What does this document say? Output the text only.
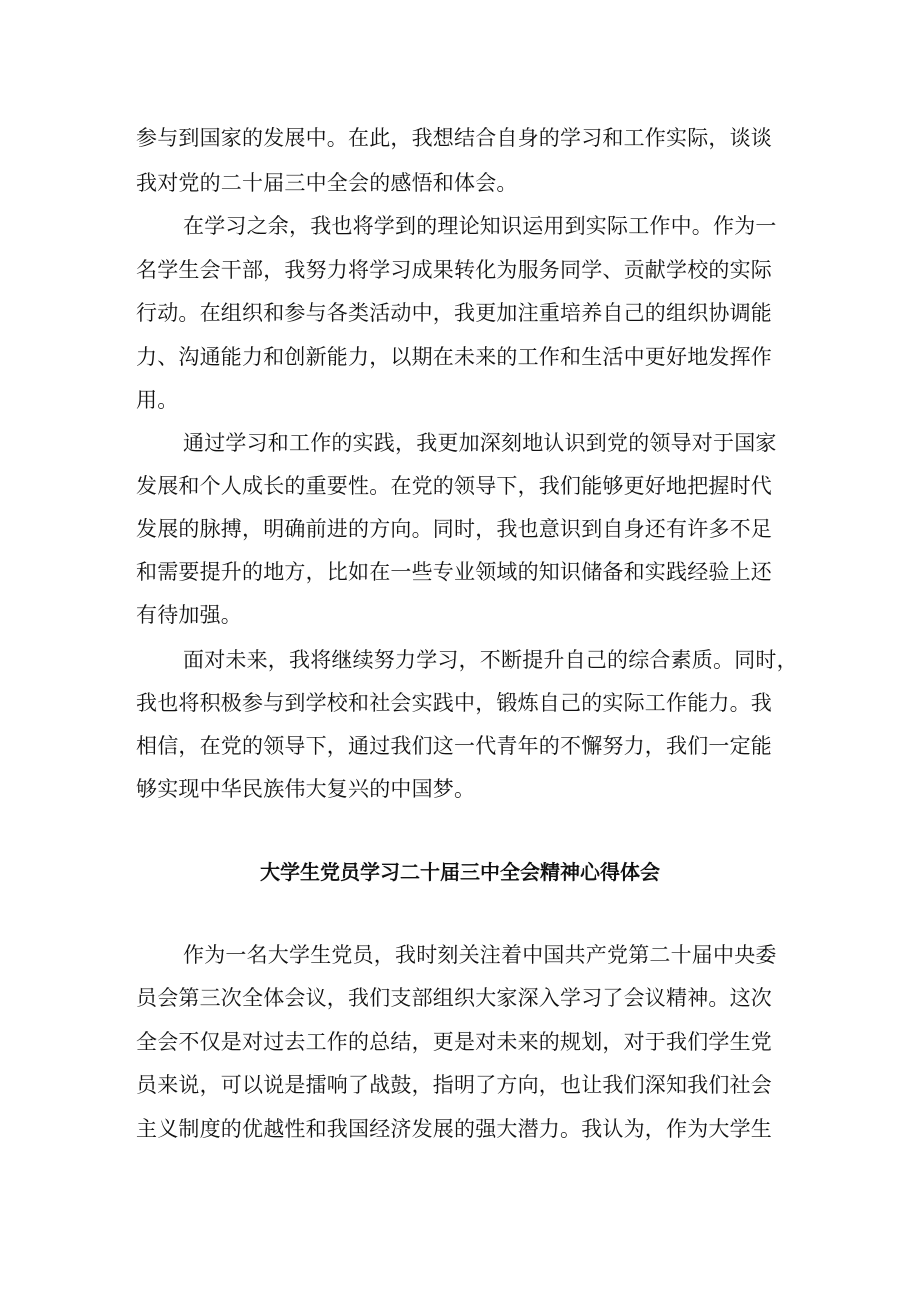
参与到国家的发展中。在此，我想结合自身的学习和工作实际，谈谈
我对党的二十届三中全会的感悟和体会。
在学习之余，我也将学到的理论知识运用到实际工作中。作为一
名学生会干部，我努力将学习成果转化为服务同学、贡献学校的实际
行动。在组织和参与各类活动中，我更加注重培养自己的组织协调能
力、沟通能力和创新能力，以期在未来的工作和生活中更好地发挥作
用。
通过学习和工作的实践，我更加深刻地认识到党的领导对于国家
发展和个人成长的重要性。在党的领导下，我们能够更好地把握时代
发展的脉搏，明确前进的方向。同时，我也意识到自身还有许多不足
和需要提升的地方，比如在一些专业领域的知识储备和实践经验上还
有待加强。
面对未来，我将继续努力学习，不断提升自己的综合素质。同时，
我也将积极参与到学校和社会实践中，锻炼自己的实际工作能力。我
相信，在党的领导下，通过我们这一代青年的不懈努力，我们一定能
够实现中华民族伟大复兴的中国梦。
大学生党员学习二十届三中全会精神心得体会
作为一名大学生党员，我时刻关注着中国共产党第二十届中央委
员会第三次全体会议，我们支部组织大家深入学习了会议精神。这次
全会不仅是对过去工作的总结，更是对未来的规划，对于我们学生党
员来说，可以说是擂响了战鼓，指明了方向，也让我们深知我们社会
主义制度的优越性和我国经济发展的强大潜力。我认为，作为大学生
